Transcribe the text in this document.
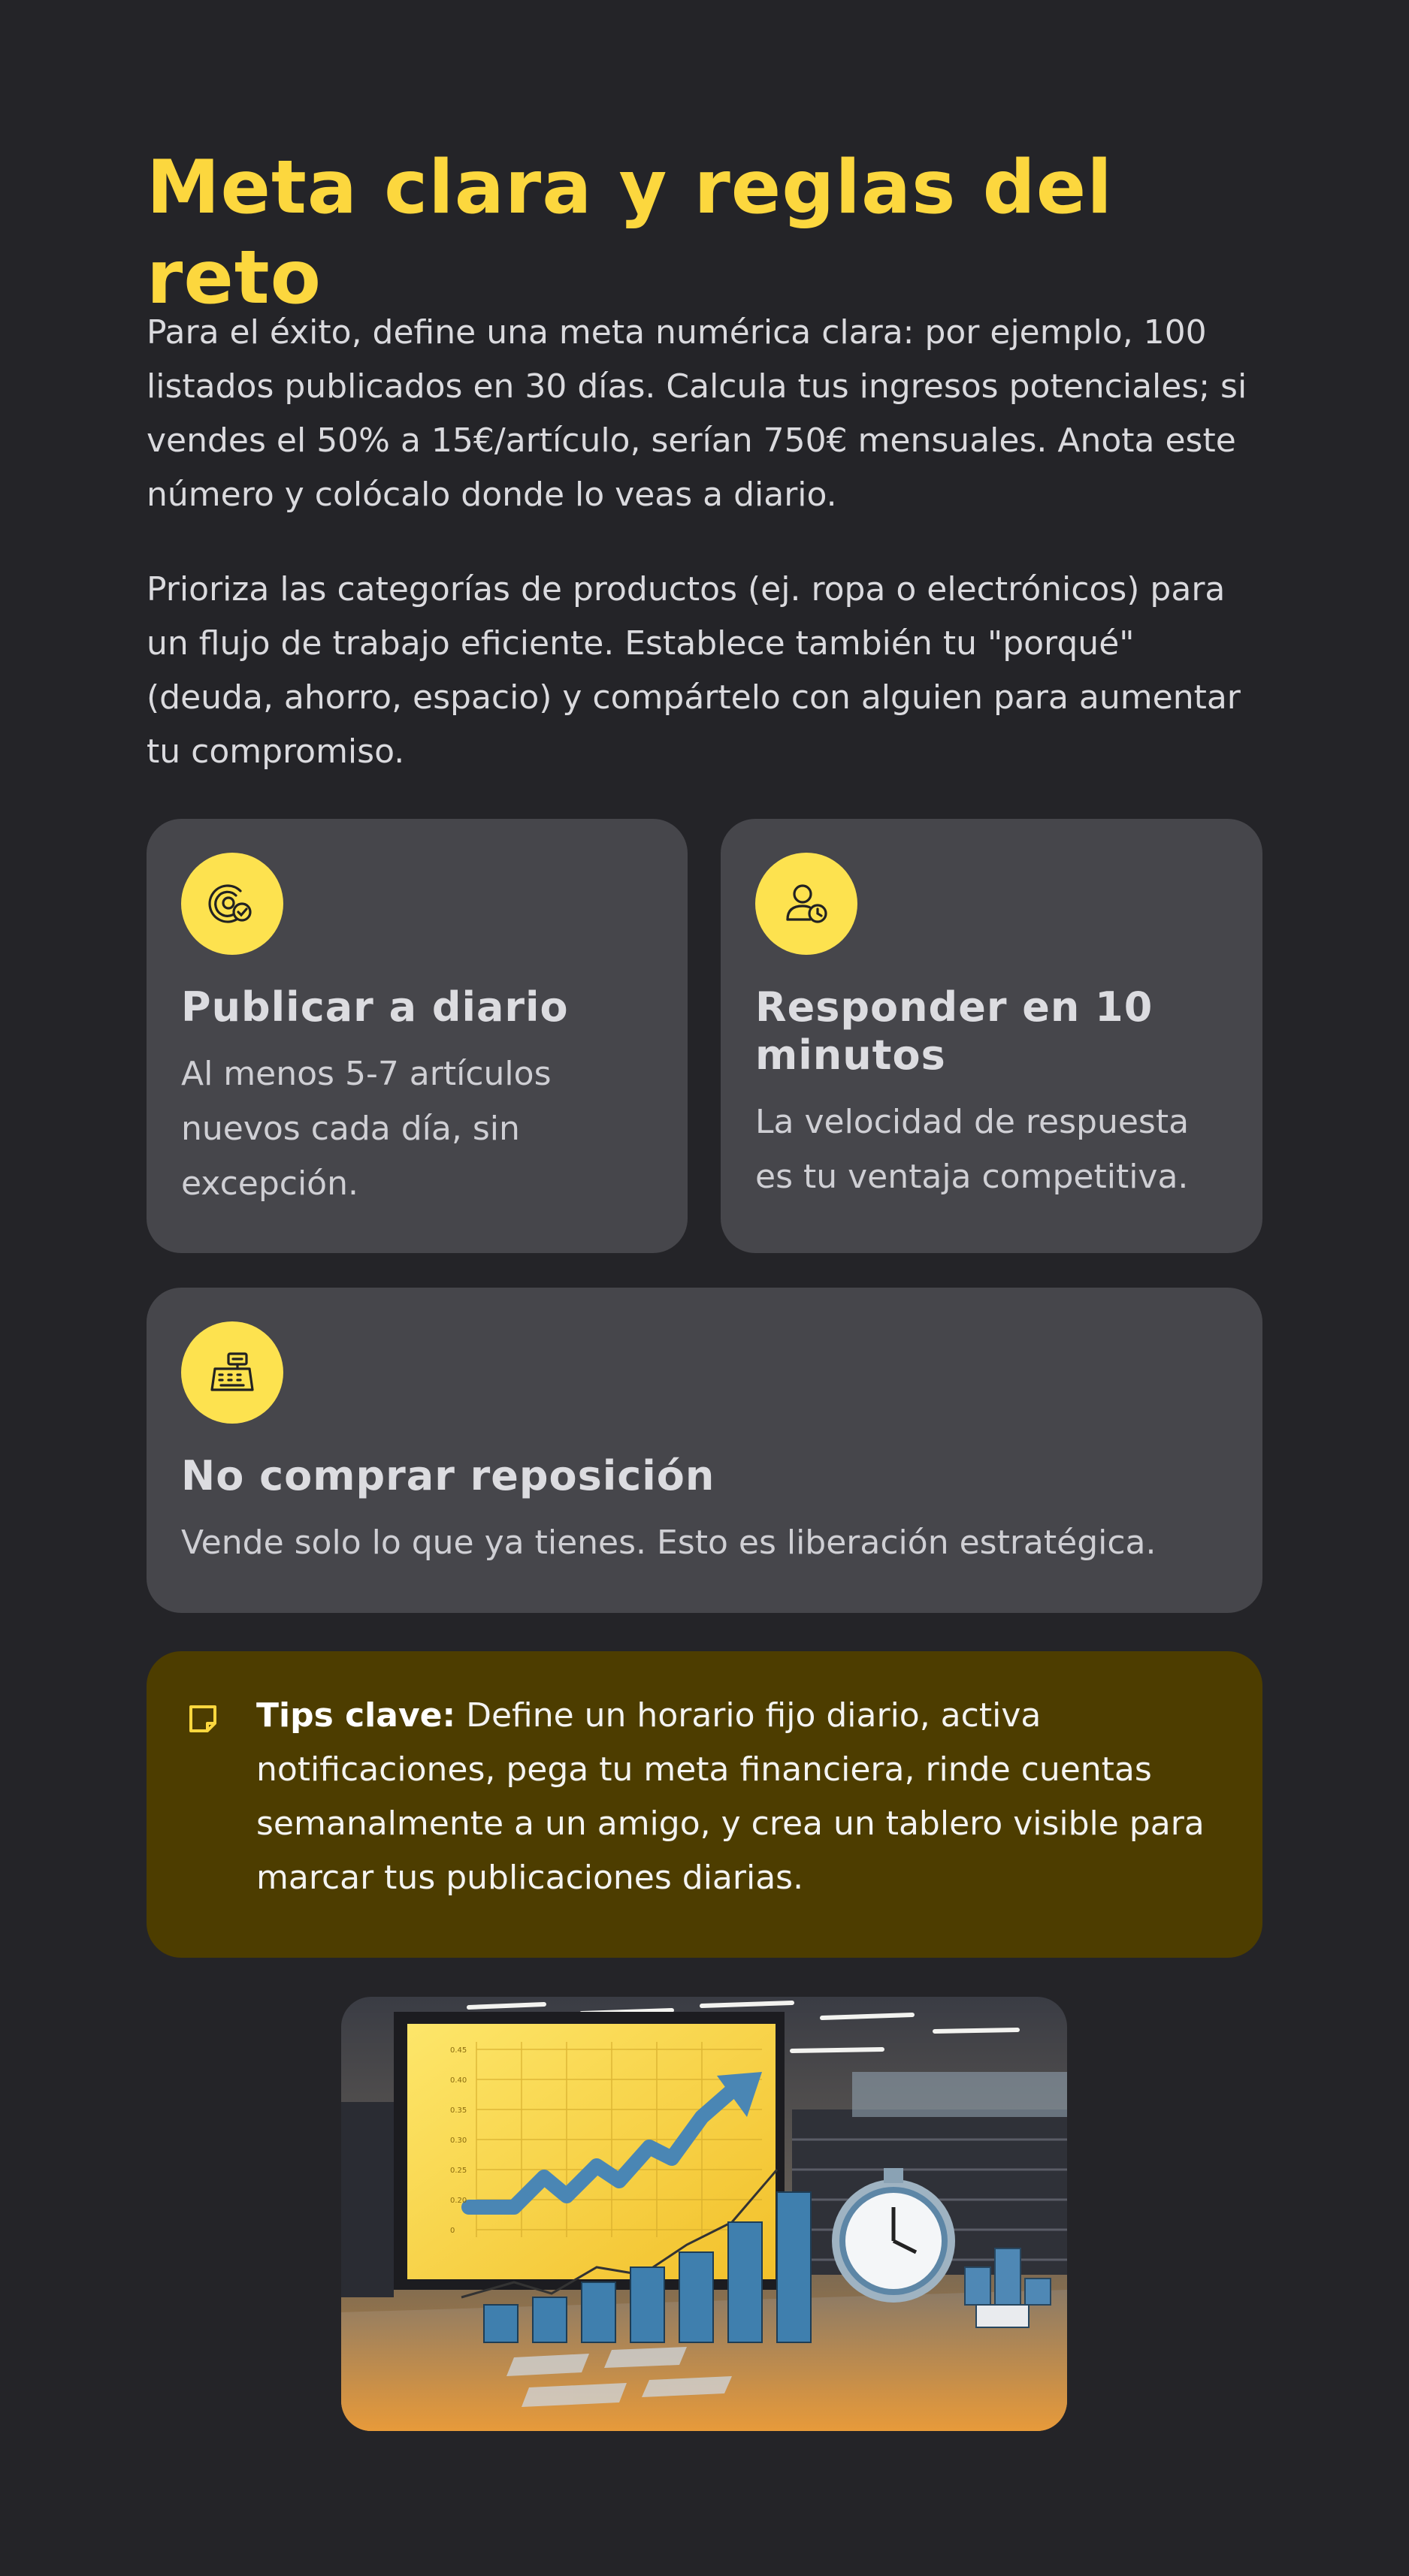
Meta clara y reglas del reto

Para el éxito, define una meta numérica clara: por ejemplo, 100 listados publicados en 30 días. Calcula tus ingresos potenciales; si vendes el 50% a 15€/artículo, serían 750€ mensuales. Anota este número y colócalo donde lo veas a diario.

Prioriza las categorías de productos (ej. ropa o electrónicos) para un flujo de trabajo eficiente. Establece también tu "porqué" (deuda, ahorro, espacio) y compártelo con alguien para aumentar tu compromiso.

Publicar a diario

Al menos 5-7 artículos nuevos cada día, sin excepción.

Responder en 10 minutos

La velocidad de respuesta es tu ventaja competitiva.

No comprar reposición

Vende solo lo que ya tienes. Esto es liberación estratégica.

Tips clave: Define un horario fijo diario, activa notificaciones, pega tu meta financiera, rinde cuentas semanalmente a un amigo, y crea un tablero visible para marcar tus publicaciones diarias.

0.45
0.40
0.35
0.30
0.25
0.20
0
